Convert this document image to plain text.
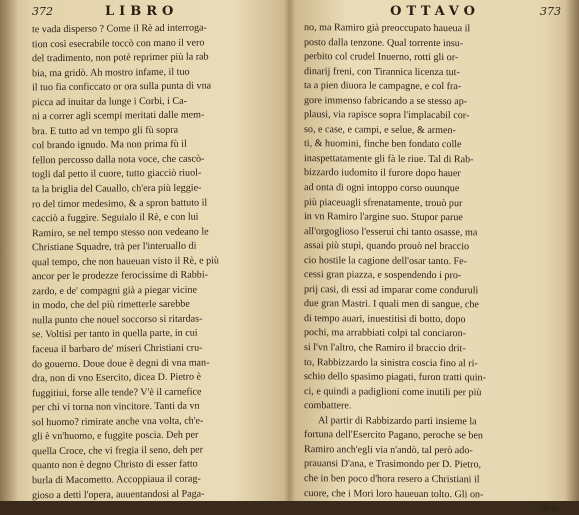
372	LIBRO
te vada disperso ? Come il Rè ad interroga-
tion così esecrabile toccò con mano il vero
del tradimento, non potè reprimer più la rab
bia, ma gridò. Ah mostro infame, il tuo
il tuo fia conficcato or ora sulla punta di vna
picca ad inuitar da lunge i Corbi, i Ca-
ni a correr agli scempi meritati dalle mem-
bra. E tutto ad vn tempo gli fù sopra
col brando ignudo. Ma non prima fù il
fellon percosso dalla nota voce, che cascò-
togli dal petto il cuore, tutto giacciò riuol-
ta la briglia del Cauallo, ch'era più leggie-
ro del timor medesimo, & a spron battuto il
cacciò a fuggire. Seguialo il Rè, e con lui
Ramiro, se nel tempo stesso non vedeano le
Christiane Squadre, trà per l'interuallo di
qual tempo, che non haueuan visto il Rè, e più
ancor per le prodezze ferocissime di Rabbi-
zardo, e de' compagni già a piegar vicine
in modo, che del più rimetterle sarebbe
nulla punto che nouel soccorso si ritardas-
se. Voltisi per tanto in quella parte, in cui
faceua il barbaro de' miseri Christiani cru-
do gouerno. Doue doue è degni di vna man-
dra, non di vno Esercito, dicea D. Pietro è
fuggitiui, forse alle tende? V'è il carnefice
per chi vi torna non vincitore. Tanti da vn
sol huomo? rimirate anche vna volta, ch'e-
gli è vn'huomo, e fuggite poscia. Deh per
quella Croce, che vi fregia il seno, deh per
quanto non è degno Christo di esser fatto
burla di Macometto. Accoppiaua il corag-
gioso a detti l'opera, auuentandosi al Paga-
OTTAVO	373
no, ma Ramiro già preoccupato haueua il
posto dalla tenzone. Qual torrente insu-
perbito col crudel Inuerno, rotti gli or-
dinarij freni, con Tirannica licenza tut-
ta a pien diuora le campagne, e col fra-
gore immenso fabricando a se stesso ap-
plausi, via rapisce sopra l'implacabil cor-
so, e case, e campi, e selue, & armen-
ti, & huomini, finche ben fondato colle
inaspettatamente gli fà le riue. Tal di Rab-
bizzardo iudomito il furore dopo hauer
ad onta di ogni intoppo corso ouunque
più piaceuagli sfrenatamente, trouò pur
in vn Ramiro l'argine suo. Stupor parue
all'orgoglioso l'esserui chi tanto osasse, ma
assai più stupì, quando prouò nel braccio
cio hostile la cagione dell'osar tanto. Fe-
cessi gran piazza, e sospendendo i pro-
prij casi, di essi ad imparar come conduruli
due gran Mastri. I quali men di sangue, che
di tempo auari, inuestitisi di botto, dopo
pochi, ma arrabbiati colpi tal conciaron-
si l'vn l'altro, che Ramiro il braccio drit-
to, Rabbizzardo la sinistra coscia fino al ri-
schio dello spasimo piagati, furon tratti quin-
ci, e quindi a padiglioni come inutili per più
combattere.
Al partir di Rabbizardo partì insieme la
fortuna dell'Esercito Pagano, peroche se ben
Ramiro anch'egli via n'andò, tal però ado-
prauansi D'ana, e Trasimondo per D. Pietro,
che in ben poco d'hora resero a Christiani il
cuore, che i Mori loro haueuan tolto. Gli on-
deg-
